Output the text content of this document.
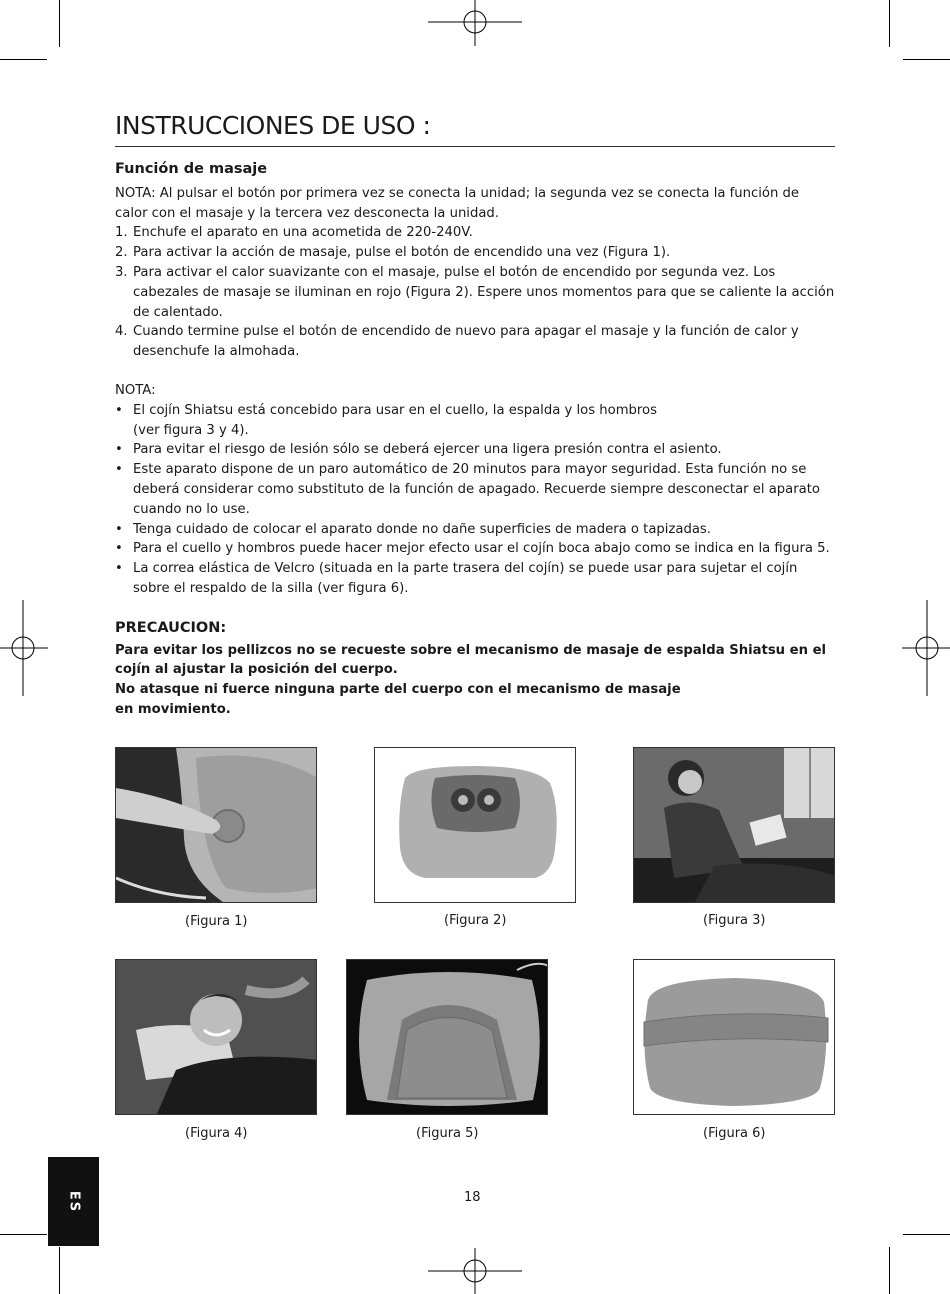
INSTRUCCIONES DE USO :
Función de masaje

NOTA: Al pulsar el botón por primera vez se conecta la unidad; la segunda vez se conecta la función de calor con el masaje y la tercera vez desconecta la unidad.

1. Enchufe el aparato en una acometida de 220-240V.
2. Para activar la acción de masaje, pulse el botón de encendido una vez (Figura 1).
3. Para activar el calor suavizante con el masaje, pulse el botón de encendido por segunda vez. Los cabezales de masaje se iluminan en rojo (Figura 2). Espere unos momentos para que se caliente la acción de calentado.
4. Cuando termine pulse el botón de encendido de nuevo para apagar el masaje y la función de calor y desenchufe la almohada.

NOTA:

• El cojín Shiatsu está concebido para usar en el cuello, la espalda y los hombros
(ver figura 3 y 4).
• Para evitar el riesgo de lesión sólo se deberá ejercer una ligera presión contra el asiento.
• Este aparato dispone de un paro automático de 20 minutos para mayor seguridad. Esta función no se deberá considerar como substituto de la función de apagado. Recuerde siempre desconectar el aparato cuando no lo use.
• Tenga cuidado de colocar el aparato donde no dañe superficies de madera o tapizadas.
• Para el cuello y hombros puede hacer mejor efecto usar el cojín boca abajo como se indica en la figura 5.
• La correa elástica de Velcro (situada en la parte trasera del cojín) se puede usar para sujetar el cojín sobre el respaldo de la silla (ver figura 6).
PRECAUCION:

Para evitar los pellizcos no se recueste sobre el mecanismo de masaje de espalda Shiatsu en el cojín al ajustar la posición del cuerpo.

No atasque ni fuerce ninguna parte del cuerpo con el mecanismo de masaje

en movimiento.

(Figura 1)	(Figura 2)	(Figura 3)
(Figura 4)	(Figura 5)	(Figura 6)
ES	18
